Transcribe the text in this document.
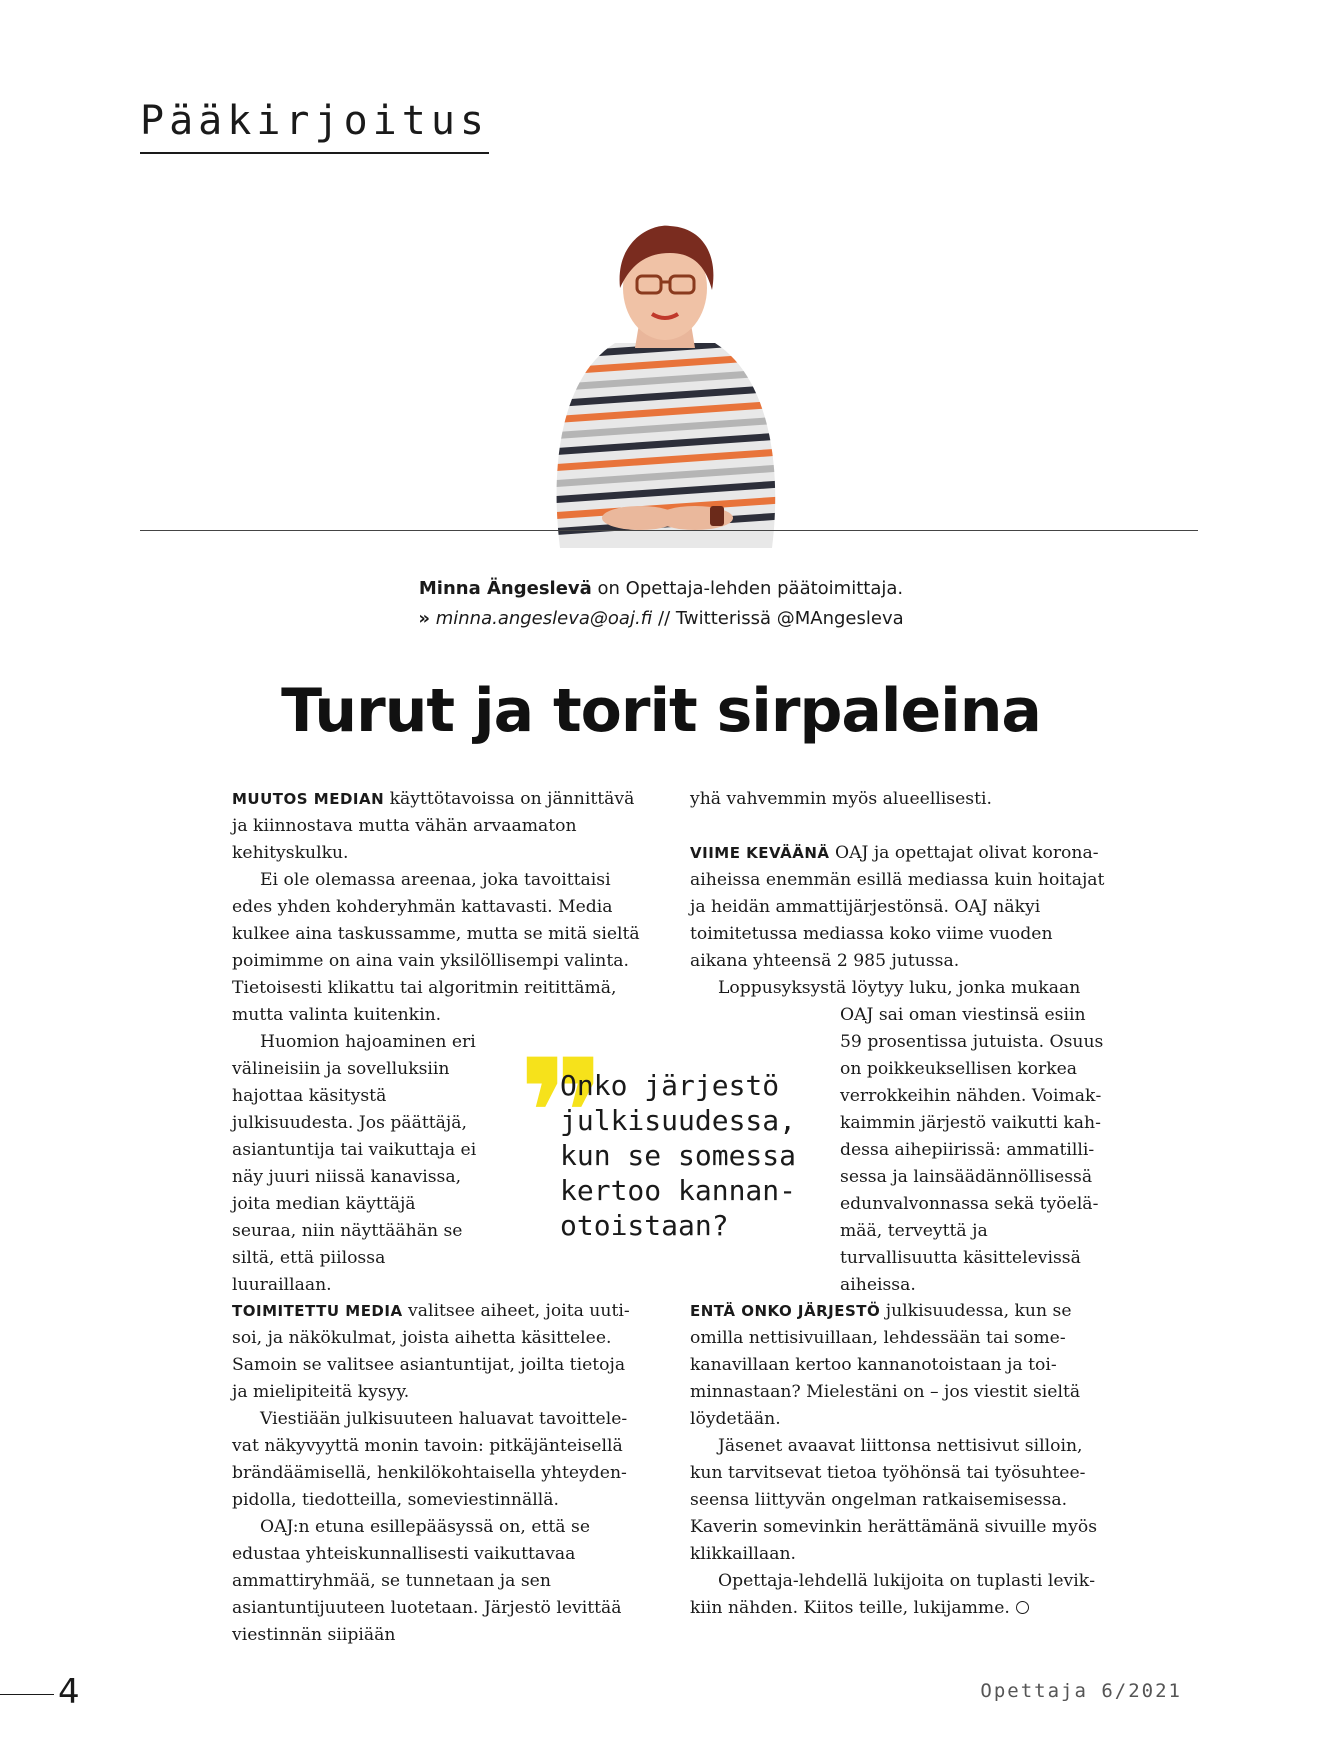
Pääkirjoitus
Minna Ängeslevä on Opettaja-lehden päätoimittaja.
» minna.angesleva@oaj.fi // Twitterissä @MAngesleva
Turut ja torit sirpaleina

MUUTOS MEDIAN käyttötavoissa on jännittävä ja kiinnostava mutta vähän arvaamaton kehityskulku.

Ei ole olemassa areenaa, joka tavoittaisi edes yhden kohderyhmän kattavasti. Media kulkee aina taskussamme, mutta se mitä sieltä poimimme on aina vain yksilöllisempi valinta. Tietoisesti klikattu tai algoritmin reitittämä, mutta valinta kuitenkin.

Huomion hajoaminen eri välineisiin ja sovelluksiin hajottaa käsitystä julkisuudesta. Jos päättäjä, asiantuntija tai vaikuttaja ei näy juuri niissä kanavissa, joita median käyttäjä seuraa, niin näyttäähän se siltä, että piilossa luuraillaan.

yhä vahvemmin myös alueellisesti.

VIIME KEVÄÄNÄ OAJ ja opettajat olivat korona-aiheissa enemmän esillä mediassa kuin hoitajat ja heidän ammattijärjestönsä. OAJ näkyi toimitetussa mediassa koko viime vuoden aikana yhteensä 2 985 jutussa.

Loppusyksystä löytyy luku, jonka mukaan
OAJ sai oman viestinsä esiin 59 prosentissa jutuista. Osuus on poikkeuksellisen korkea verrokkeihin nähden. Voimakkaimmin järjestö vaikutti kahdessa aihepiirissä: ammatillisessa ja lainsäädännöllisessä edunvalvonnassa sekä työelämää, terveyttä ja turvallisuutta käsittelevissä aiheissa.

❞
Onko järjestö
julkisuudessa,
kun se somessa
kertoo kannan-
otoistaan?

TOIMITETTU MEDIA valitsee aiheet, joita uutisoi, ja näkökulmat, joista aihetta käsittelee. Samoin se valitsee asiantuntijat, joilta tietoja ja mielipiteitä kysyy.

Viestiään julkisuuteen haluavat tavoittelevat näkyvyyttä monin tavoin: pitkäjänteisellä brändäämisellä, henkilökohtaisella yhteydenpidolla, tiedotteilla, someviestinnällä.

OAJ:n etuna esillepääsyssä on, että se edustaa yhteiskunnallisesti vaikuttavaa ammattiryhmää, se tunnetaan ja sen asiantuntijuuteen luotetaan. Järjestö levittää viestinnän siipiään

ENTÄ ONKO JÄRJESTÖ julkisuudessa, kun se omilla nettisivuillaan, lehdessään tai somekanavillaan kertoo kannanotoistaan ja toiminnastaan? Mielestäni on – jos viestit sieltä löydetään.

Jäsenet avaavat liittonsa nettisivut silloin, kun tarvitsevat tietoa työhönsä tai työsuhteeseensa liittyvän ongelman ratkaisemisessa. Kaverin somevinkin herättämänä sivuille myös klikkaillaan.

Opettaja-lehdellä lukijoita on tuplasti levikkiin nähden. Kiitos teille, lukijamme.

4	Opettaja 6/2021
